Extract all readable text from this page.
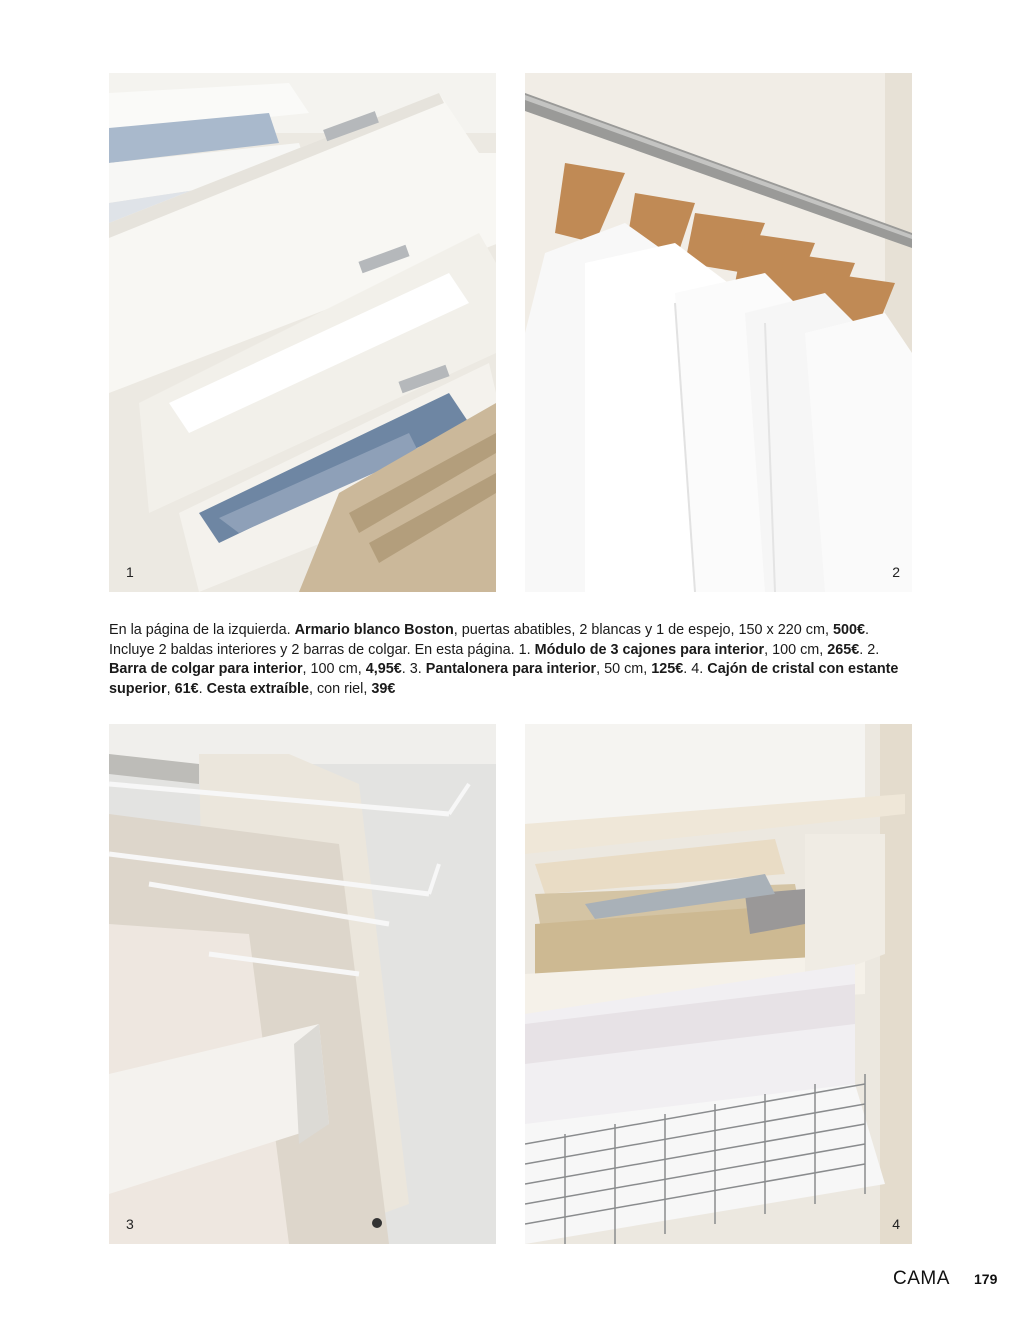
1	2
En la página de la izquierda. Armario blanco Boston, puertas abatibles, 2 blancas y 1 de espejo, 150 x 220 cm, 500€. Incluye 2 baldas interiores y 2 barras de colgar. En esta página. 1. Módulo de 3 cajones para interior, 100 cm, 265€. 2. Barra de colgar para interior, 100 cm, 4,95€. 3. Pantalonera para interior, 50 cm, 125€. 4. Cajón de cristal con estante superior, 61€. Cesta extraíble, con riel, 39€
3	4
CAMA 179
